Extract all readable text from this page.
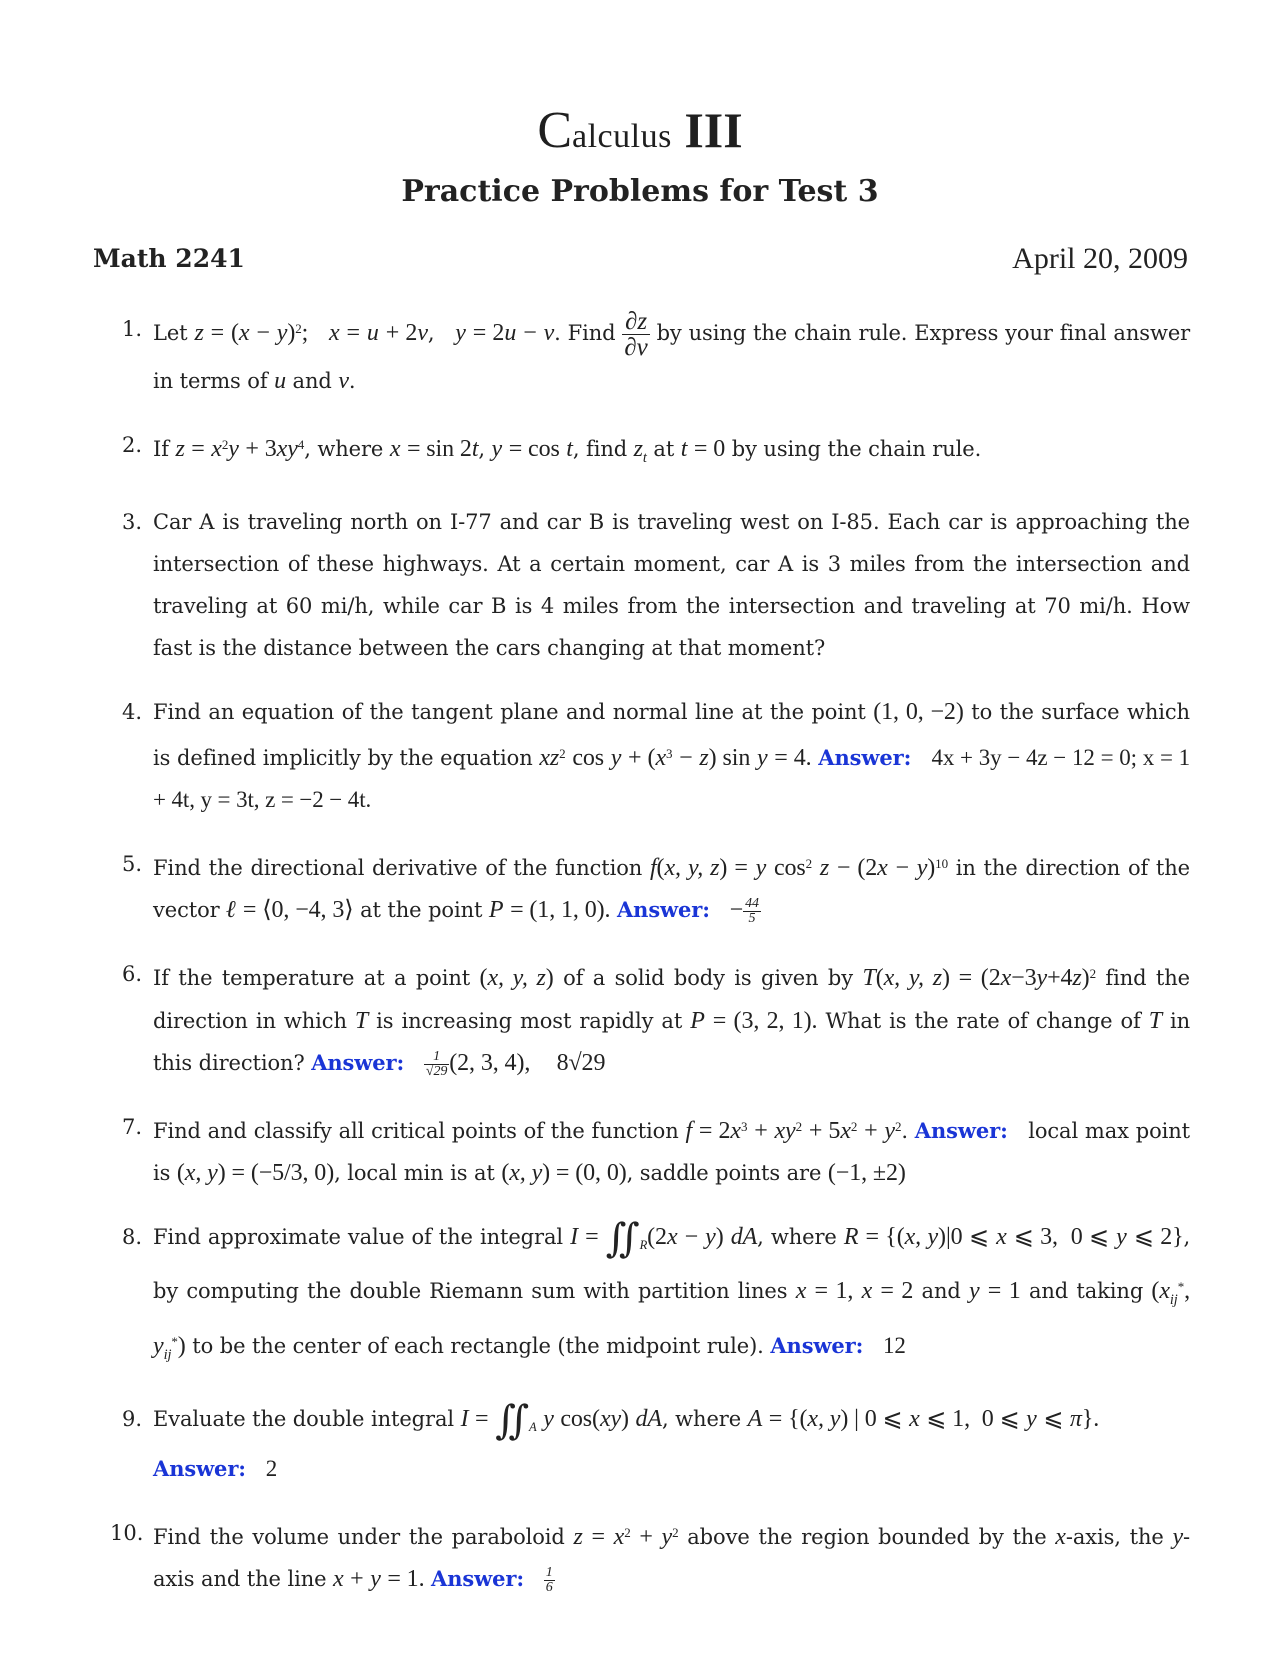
Calculus III
Practice Problems for Test 3
Math 2241	April 20, 2009
1. Let $z = (x - y)^2$; x = u + 2v,   y = 2u − v. Find $\frac{\partial z}{\partial v}$ by using the chain rule. Express your final answer in terms of u and v.
2. If $z = x^2y + 3xy^4$, where x = sin 2t, y = cos t, find $z_t$ at t = 0 by using the chain rule.
3. Car A is traveling north on I-77 and car B is traveling west on I-85. Each car is approaching the intersection of these highways. At a certain moment, car A is 3 miles from the intersection and traveling at 60 mi/h, while car B is 4 miles from the intersection and traveling at 70 mi/h. How fast is the distance between the cars changing at that moment?
4. Find an equation of the tangent plane and normal line at the point (1, 0, −2) to the surface which is defined implicitly by the equation $xz^2$ $\cos y + (x^3 - z)$ sin y = 4. Answer: 4x + 3y − 4z − 12 = 0; x = 1 + 4t, y = 3t, z = −2 − 4t.
5. Find the directional derivative of the function f(x, y, z) = y $\cos^2 z - (2x - y)^{10}$ in the direction of the vector ℓ = ⟨0, −4, 3⟩ at the point P = (1, 1, 0). Answer: − $\frac{44}{5}$
6. If the temperature at a point (x, y, z) of a solid body is given by T(x, y, $z) = (2x-3y+4z)^2$ find the direction in which T is increasing most rapidly at P = (3, 2, 1). What is the rate of change of T in this direction? Answer: $\frac{1}{√29} (2$, 3, 4), 8√29
7. Find and classify all critical points of the function $f = 2x^3 + xy^2 + 5x^2 + y^2$. Answer:   local max point is (x, y) = (−5/3, 0), local min is at (x, y) = (0, 0), saddle points are (−1, ±2)
8. Find approximate value of the integral $I = ∬_R(2x - y)$ dA, where R = {(x, y)|0 ⩽ x ⩽ 3,  0 ⩽ y ⩽ 2}, by computing the double Riemann sum with partition lines x = 1, x = 2 and y = 1 and taking ($x_{ij}^*$, $y_{ij}^*$) to be the center of each rectangle (the midpoint rule). Answer: 12
9. Evaluate the double integral $I = ∬_A$ y cos(xy) dA, where A = {(x, y) | 0 ⩽ x ⩽ 1,  0 ⩽ y ⩽ π}.
Answer: 2
10. Find the volume under the paraboloid $z = x^2 + y^2$ above the region bounded by the x-axis, the y-axis and the line x + y = 1. Answer: $\frac{1}{6}$
